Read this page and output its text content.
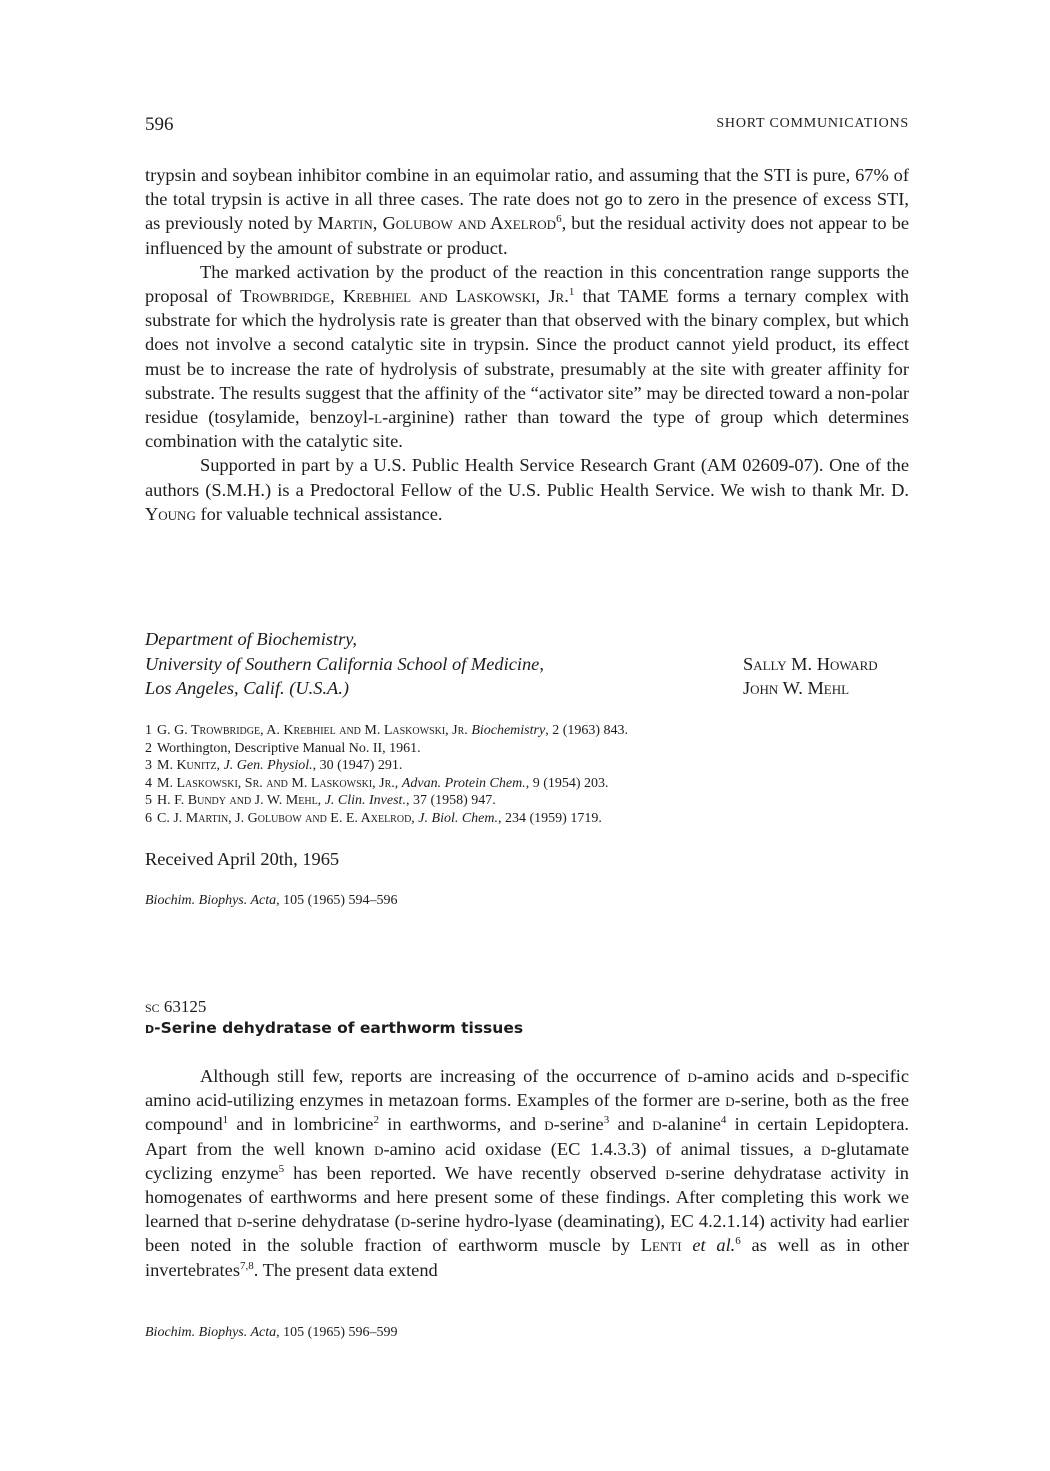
596	SHORT COMMUNICATIONS

trypsin and soybean inhibitor combine in an equimolar ratio, and assuming that the STI is pure, 67% of the total trypsin is active in all three cases. The rate does not go to zero in the presence of excess STI, as previously noted by Martin, Golubow and Axelrod$^6$, but the residual activity does not appear to be influenced by the amount of substrate or product.

The marked activation by the product of the reaction in this concentration range supports the proposal of Trowbridge, Krebhiel and Laskowski, Jr.$^1$ that TAME forms a ternary complex with substrate for which the hydrolysis rate is greater than that observed with the binary complex, but which does not involve a second catalytic site in trypsin. Since the product cannot yield product, its effect must be to increase the rate of hydrolysis of substrate, presumably at the site with greater affinity for substrate. The results suggest that the affinity of the “activator site” may be directed toward a non-polar residue (tosylamide, benzoyl-l-arginine) rather than toward the type of group which determines combination with the catalytic site.

Supported in part by a U.S. Public Health Service Research Grant (AM 02609-07). One of the authors (S.M.H.) is a Predoctoral Fellow of the U.S. Public Health Service. We wish to thank Mr. D. Young for valuable technical assistance.

Department of Biochemistry,
University of Southern California School of Medicine,
Los Angeles, Calif. (U.S.A.)
Sally M. Howard
John W. Mehl
1 G. G. Trowbridge, A. Krebhiel and M. Laskowski, Jr. Biochemistry, 2 (1963) 843.
2 Worthington, Descriptive Manual No. II, 1961.
3 M. Kunitz, J. Gen. Physiol., 30 (1947) 291.
4 M. Laskowski, Sr. and M. Laskowski, Jr., Advan. Protein Chem., 9 (1954) 203.
5 H. F. Bundy and J. W. Mehl, J. Clin. Invest., 37 (1958) 947.
6 C. J. Martin, J. Golubow and E. E. Axelrod, J. Biol. Chem., 234 (1959) 1719.
Received April 20th, 1965
Biochim. Biophys. Acta, 105 (1965) 594–596
sc 63125
d-Serine dehydratase of earthworm tissues

Although still few, reports are increasing of the occurrence of d-amino acids and d-specific amino acid-utilizing enzymes in metazoan forms. Examples of the former are d-serine, both as the free compound$^1$ and in lombricine$^2$ in earthworms, and d-serine$^3$ and d-alanine$^4$ in certain Lepidoptera. Apart from the well known d-amino acid oxidase (EC 1.4.3.3) of animal tissues, a d-glutamate cyclizing enzyme$^5$ has been reported. We have recently observed d-serine dehydratase activity in homogenates of earthworms and here present some of these findings. After completing this work we learned that d-serine dehydratase (d-serine hydro-lyase (deaminating), EC 4.2.1.14) activity had earlier been noted in the soluble fraction of earthworm muscle by Lenti et al.$^6$ as well as in other invertebrates$^{7,8}$. The present data extend

Biochim. Biophys. Acta, 105 (1965) 596–599
